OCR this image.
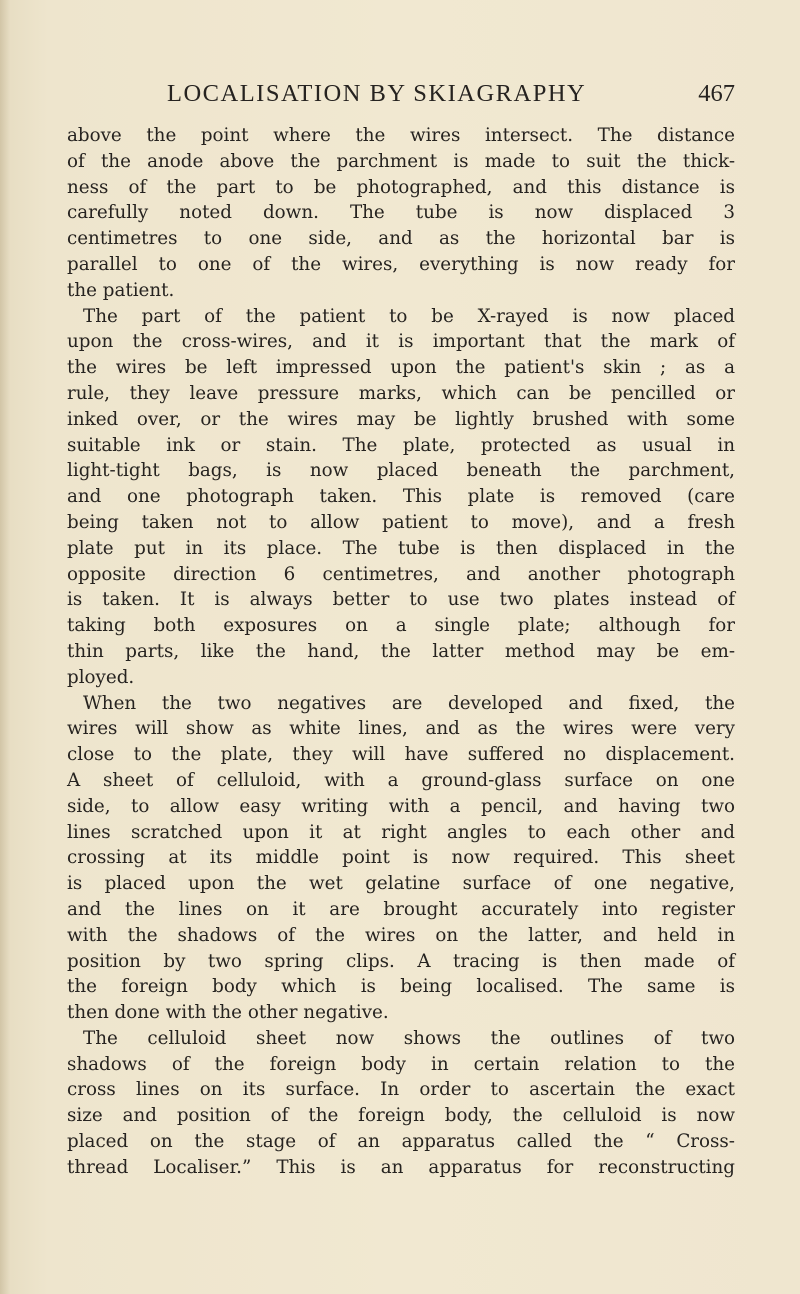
LOCALISATION BY SKIAGRAPHY	467
above the point where the wires intersect. The distance
of the anode above the parchment is made to suit the thick-
ness of the part to be photographed, and this distance is
carefully noted down. The tube is now displaced 3
centimetres to one side, and as the horizontal bar is
parallel to one of the wires, everything is now ready for
the patient.
The part of the patient to be X-rayed is now placed
upon the cross-wires, and it is important that the mark of
the wires be left impressed upon the patient's skin ; as a
rule, they leave pressure marks, which can be pencilled or
inked over, or the wires may be lightly brushed with some
suitable ink or stain. The plate, protected as usual in
light-tight bags, is now placed beneath the parchment,
and one photograph taken. This plate is removed (care
being taken not to allow patient to move), and a fresh
plate put in its place. The tube is then displaced in the
opposite direction 6 centimetres, and another photograph
is taken. It is always better to use two plates instead of
taking both exposures on a single plate; although for
thin parts, like the hand, the latter method may be em-
ployed.
When the two negatives are developed and fixed, the
wires will show as white lines, and as the wires were very
close to the plate, they will have suffered no displacement.
A sheet of celluloid, with a ground-glass surface on one
side, to allow easy writing with a pencil, and having two
lines scratched upon it at right angles to each other and
crossing at its middle point is now required. This sheet
is placed upon the wet gelatine surface of one negative,
and the lines on it are brought accurately into register
with the shadows of the wires on the latter, and held in
position by two spring clips. A tracing is then made of
the foreign body which is being localised. The same is
then done with the other negative.
The celluloid sheet now shows the outlines of two
shadows of the foreign body in certain relation to the
cross lines on its surface. In order to ascertain the exact
size and position of the foreign body, the celluloid is now
placed on the stage of an apparatus called the “ Cross-
thread Localiser.” This is an apparatus for reconstructing
